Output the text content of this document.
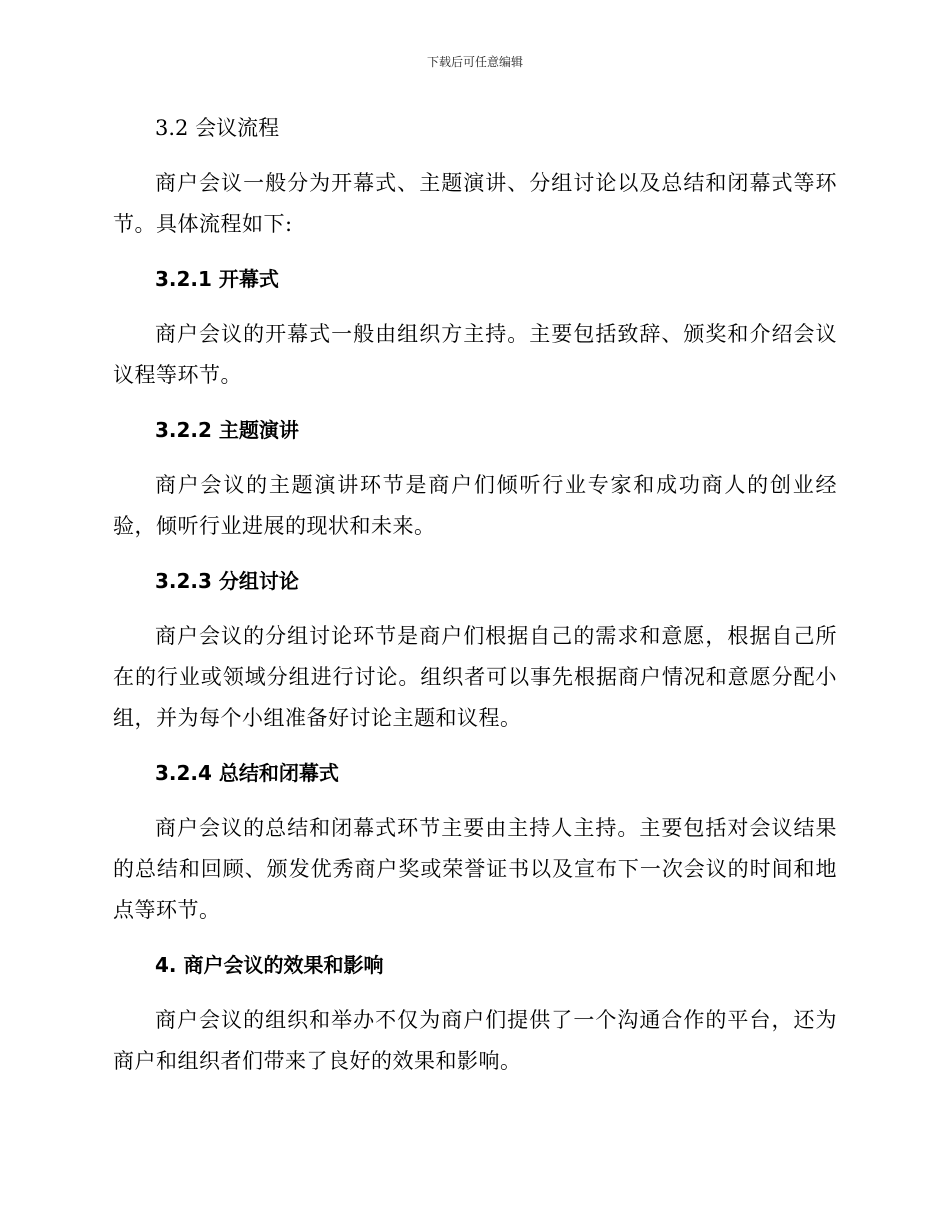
下载后可任意编辑
3.2 会议流程

商户会议一般分为开幕式、主题演讲、分组讨论以及总结和闭幕式等环节。具体流程如下:

3.2.1 开幕式

商户会议的开幕式一般由组织方主持。主要包括致辞、颁奖和介绍会议议程等环节。

3.2.2 主题演讲

商户会议的主题演讲环节是商户们倾听行业专家和成功商人的创业经验，倾听行业进展的现状和未来。

3.2.3 分组讨论

商户会议的分组讨论环节是商户们根据自己的需求和意愿，根据自己所在的行业或领域分组进行讨论。组织者可以事先根据商户情况和意愿分配小组，并为每个小组准备好讨论主题和议程。

3.2.4 总结和闭幕式

商户会议的总结和闭幕式环节主要由主持人主持。主要包括对会议结果的总结和回顾、颁发优秀商户奖或荣誉证书以及宣布下一次会议的时间和地点等环节。

4. 商户会议的效果和影响

商户会议的组织和举办不仅为商户们提供了一个沟通合作的平台，还为商户和组织者们带来了良好的效果和影响。
